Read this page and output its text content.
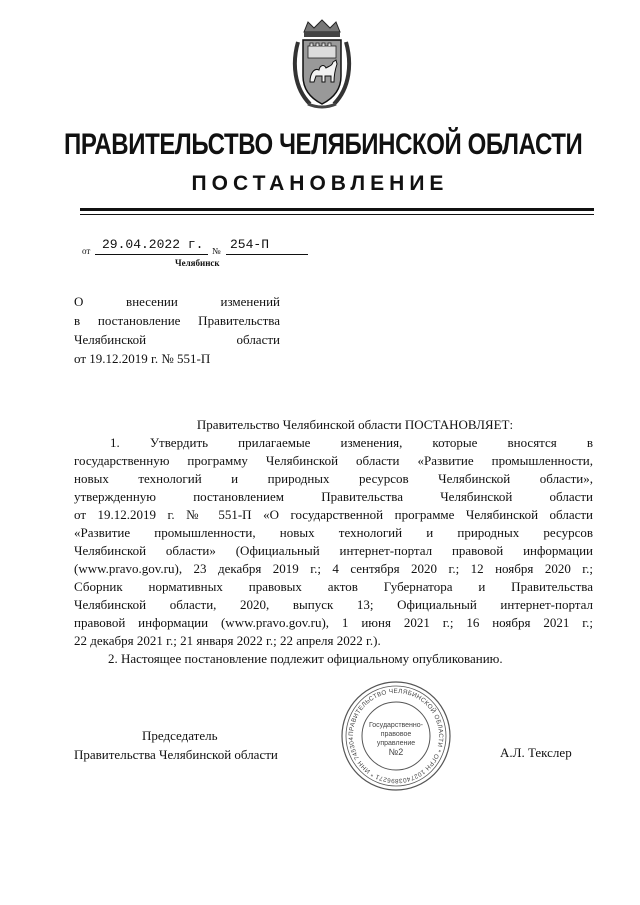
ПРАВИТЕЛЬСТВО ЧЕЛЯБИНСКОЙ ОБЛАСТИ
ПОСТАНОВЛЕНИЕ
от 29.04.2022 г. № 254-П
Челябинск
О внесении изменений
в постановление Правительства
Челябинской области
от 19.12.2019 г. № 551-П
Правительство Челябинской области ПОСТАНОВЛЯЕТ:
1. Утвердить прилагаемые изменения, которые вносятся в
государственную программу Челябинской области «Развитие промышленности,
новых технологий и природных ресурсов Челябинской области»,
утвержденную постановлением Правительства Челябинской области
от 19.12.2019 г. № 551-П «О государственной программе Челябинской области
«Развитие промышленности, новых технологий и природных ресурсов
Челябинской области» (Официальный интернет-портал правовой информации
(www.pravo.gov.ru), 23 декабря 2019 г.; 4 сентября 2020 г.; 12 ноября 2020 г.;
Сборник нормативных правовых актов Губернатора и Правительства
Челябинской области, 2020, выпуск 13; Официальный интернет-портал
правовой информации (www.pravo.gov.ru), 1 июня 2021 г.; 16 ноября 2021 г.;
22 декабря 2021 г.; 21 января 2022 г.; 22 апреля 2022 г.).
2. Настоящее постановление подлежит официальному опубликованию.
Председатель
Правительства Челябинской области	А.Л. Текслер
ПРАВИТЕЛЬСТВО ЧЕЛЯБИНСКОЙ ОБЛАСТИ * ОГРН 1027403896271 * ИНН 745304
Государственно-
правовое
управление
№2
